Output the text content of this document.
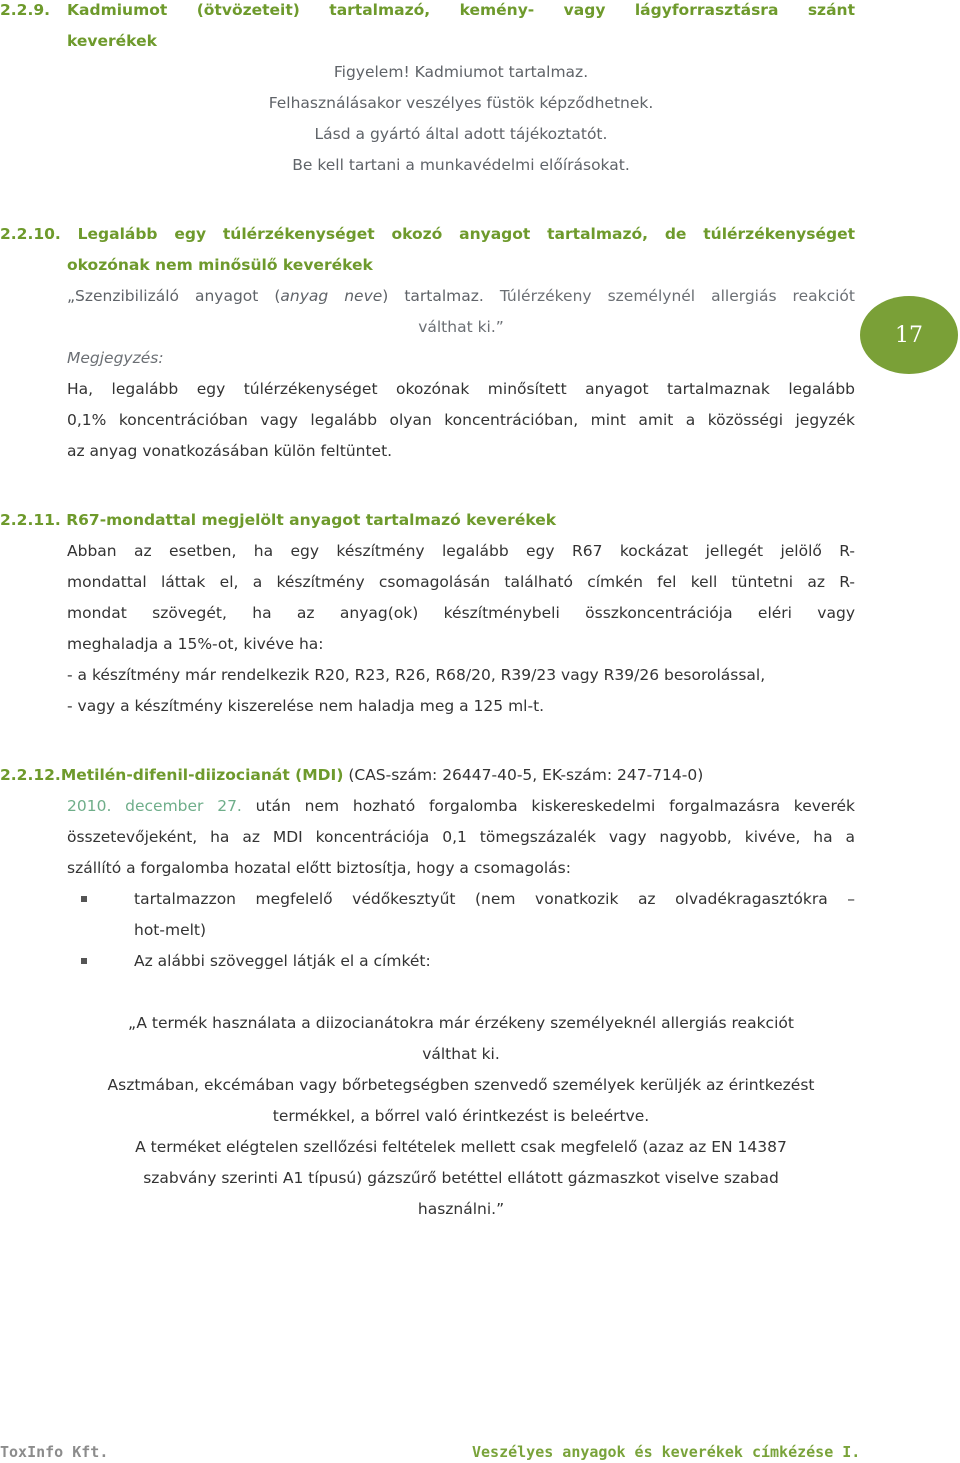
2.2.9. Kadmiumot (ötvözeteit) tartalmazó, kemény- vagy lágyforrasztásra szánt
keverékek
Figyelem! Kadmiumot tartalmaz.
Felhasználásakor veszélyes füstök képződhetnek.
Lásd a gyártó által adott tájékoztatót.
Be kell tartani a munkavédelmi előírásokat.
2.2.10. Legalább egy túlérzékenységet okozó anyagot tartalmazó, de túlérzékenységet
okozónak nem minősülő keverékek
„Szenzibilizáló anyagot (anyag neve) tartalmaz. Túlérzékeny személynél allergiás reakciót
válthat ki.”	17
Megjegyzés:
Ha, legalább egy túlérzékenységet okozónak minősített anyagot tartalmaznak legalább
0,1% koncentrációban vagy legalább olyan koncentrációban, mint amit a közösségi jegyzék
az anyag vonatkozásában külön feltüntet.
2.2.11. R67-mondattal megjelölt anyagot tartalmazó keverékek
Abban az esetben, ha egy készítmény legalább egy R67 kockázat jellegét jelölő R-
mondattal láttak el, a készítmény csomagolásán található címkén fel kell tüntetni az R-
mondat szövegét, ha az anyag(ok) készítménybeli összkoncentrációja eléri vagy
meghaladja a 15%-ot, kivéve ha:
- a készítmény már rendelkezik R20, R23, R26, R68/20, R39/23 vagy R39/26 besorolással,
- vagy a készítmény kiszerelése nem haladja meg a 125 ml-t.
2.2.12.Metilén-difenil-diizocianát (MDI) (CAS-szám: 26447-40-5, EK-szám: 247-714-0)
2010. december 27. után nem hozható forgalomba kiskereskedelmi forgalmazásra keverék
összetevőjeként, ha az MDI koncentrációja 0,1 tömegszázalék vagy nagyobb, kivéve, ha a
szállító a forgalomba hozatal előtt biztosítja, hogy a csomagolás:
tartalmazzon megfelelő védőkesztyűt (nem vonatkozik az olvadékragasztókra –
hot-melt)
Az alábbi szöveggel látják el a címkét:
„A termék használata a diizocianátokra már érzékeny személyeknél allergiás reakciót
válthat ki.
Asztmában, ekcémában vagy bőrbetegségben szenvedő személyek kerüljék az érintkezést
termékkel, a bőrrel való érintkezést is beleértve.
A terméket elégtelen szellőzési feltételek mellett csak megfelelő (azaz az EN 14387
szabvány szerinti A1 típusú) gázszűrő betéttel ellátott gázmaszkot viselve szabad
használni.”
ToxInfo Kft.	Veszélyes anyagok és keverékek címkézése I.
